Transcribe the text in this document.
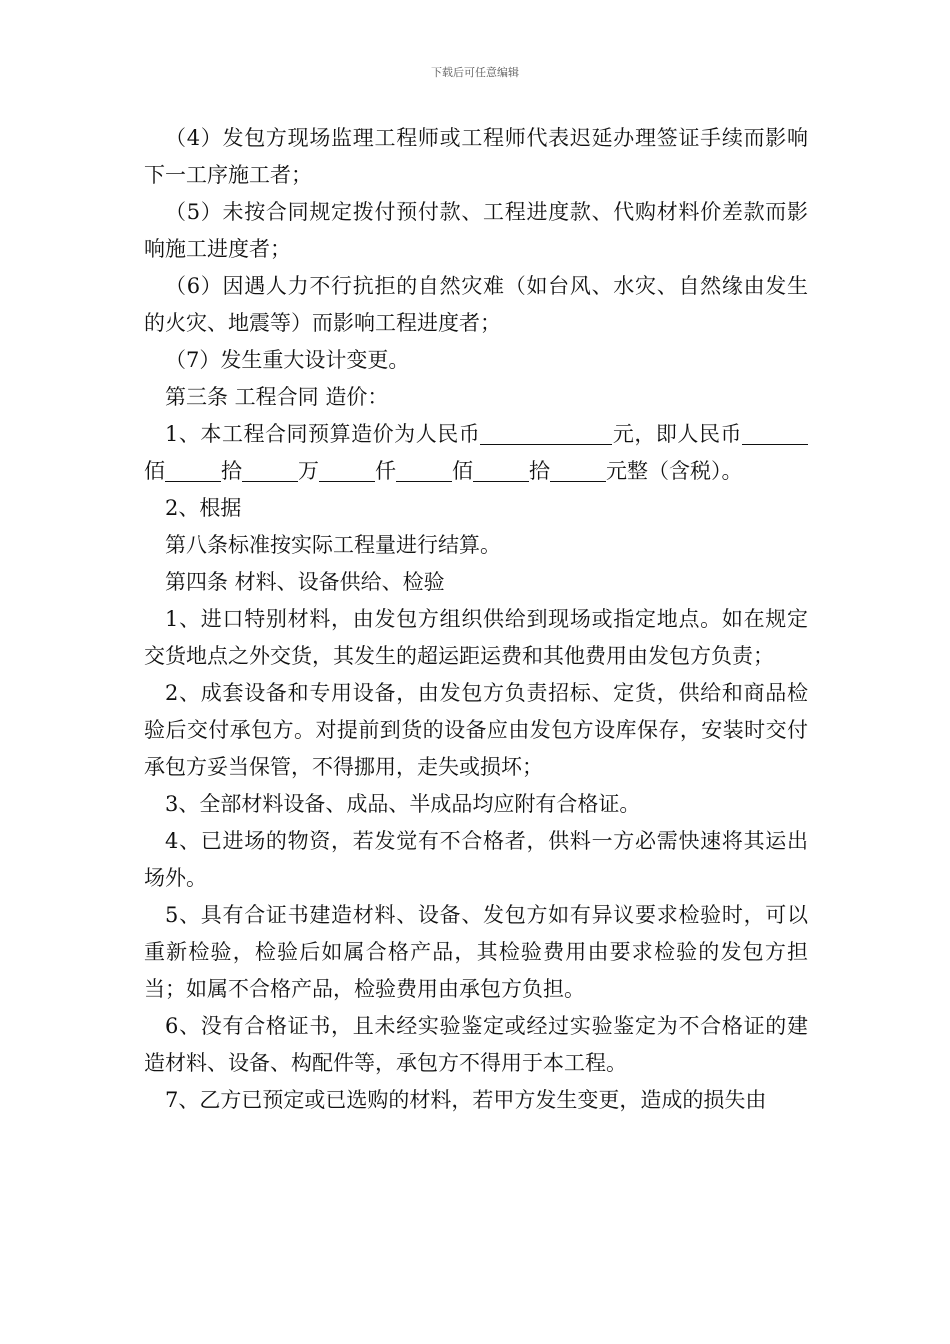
下载后可任意编辑

（4）发包方现场监理工程师或工程师代表迟延办理签证手续而影响下一工序施工者；

（5）未按合同规定拨付预付款、工程进度款、代购材料价差款而影响施工进度者；

（6）因遇人力不行抗拒的自然灾难（如台风、水灾、自然缘由发生的火灾、地震等）而影响工程进度者；

（7）发生重大设计变更。

第三条 工程合同 造价：

1、本工程合同预算造价为人民币	元，即人民币佰	拾	万	仟	佰	拾	元整（含税）。

2、根据

第八条标准按实际工程量进行结算。

第四条 材料、设备供给、检验

1、进口特别材料，由发包方组织供给到现场或指定地点。如在规定交货地点之外交货，其发生的超运距运费和其他费用由发包方负责；

2、成套设备和专用设备，由发包方负责招标、定货，供给和商品检验后交付承包方。对提前到货的设备应由发包方设库保存，安装时交付承包方妥当保管，不得挪用，走失或损坏；

3、全部材料设备、成品、半成品均应附有合格证。

4、已进场的物资，若发觉有不合格者，供料一方必需快速将其运出场外。

5、具有合证书建造材料、设备、发包方如有异议要求检验时，可以重新检验，检验后如属合格产品，其检验费用由要求检验的发包方担当；如属不合格产品，检验费用由承包方负担。

6、没有合格证书，且未经实验鉴定或经过实验鉴定为不合格证的建造材料、设备、构配件等，承包方不得用于本工程。

7、乙方已预定或已选购的材料，若甲方发生变更，造成的损失由
